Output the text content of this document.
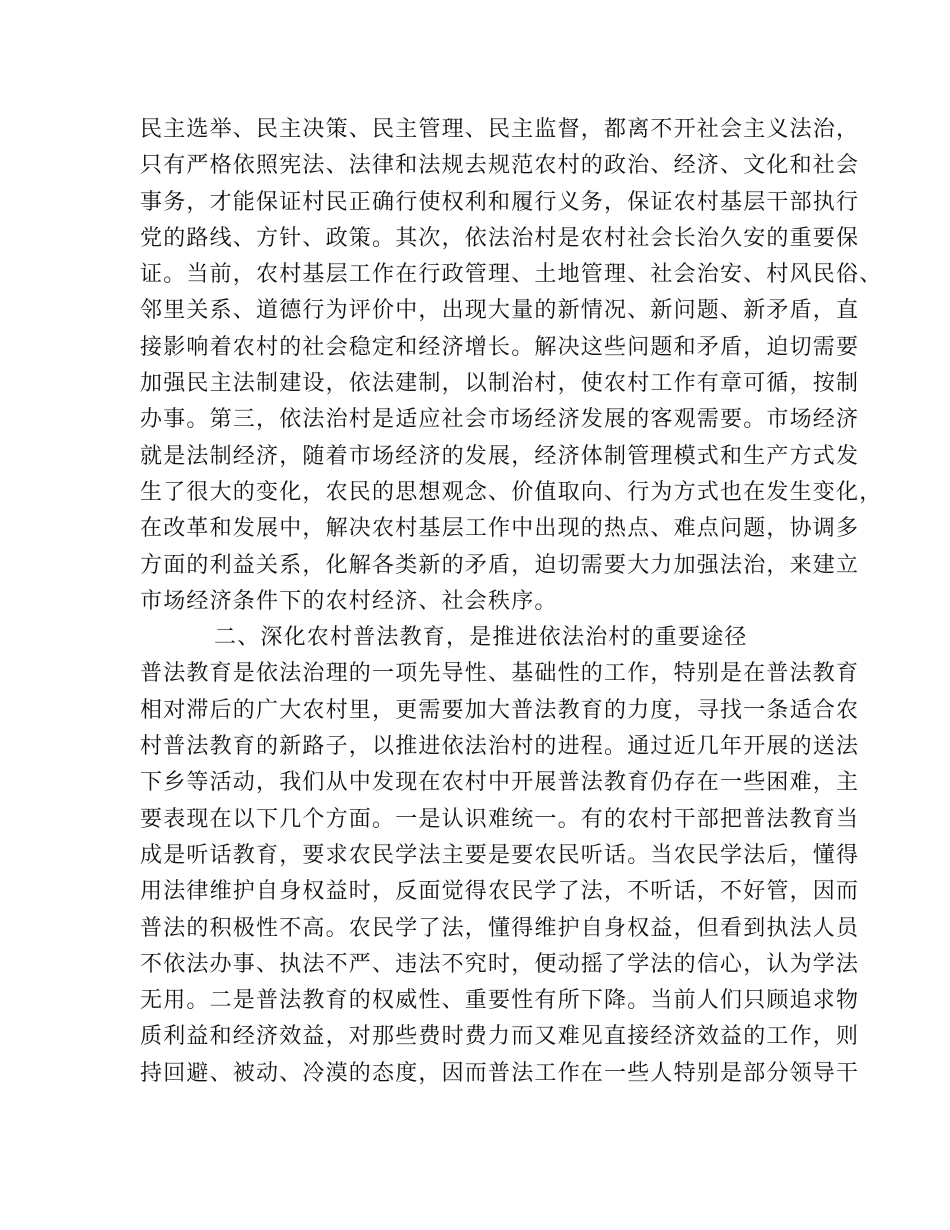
民主选举、民主决策、民主管理、民主监督，都离不开社会主义法治，
只有严格依照宪法、法律和法规去规范农村的政治、经济、文化和社会
事务，才能保证村民正确行使权利和履行义务，保证农村基层干部执行
党的路线、方针、政策。其次，依法治村是农村社会长治久安的重要保
证。当前，农村基层工作在行政管理、土地管理、社会治安、村风民俗、
邻里关系、道德行为评价中，出现大量的新情况、新问题、新矛盾，直
接影响着农村的社会稳定和经济增长。解决这些问题和矛盾，迫切需要
加强民主法制建设，依法建制，以制治村，使农村工作有章可循，按制
办事。第三，依法治村是适应社会市场经济发展的客观需要。市场经济
就是法制经济，随着市场经济的发展，经济体制管理模式和生产方式发
生了很大的变化，农民的思想观念、价值取向、行为方式也在发生变化，
在改革和发展中，解决农村基层工作中出现的热点、难点问题，协调多
方面的利益关系，化解各类新的矛盾，迫切需要大力加强法治，来建立
市场经济条件下的农村经济、社会秩序。
二、深化农村普法教育，是推进依法治村的重要途径
普法教育是依法治理的一项先导性、基础性的工作，特别是在普法教育
相对滞后的广大农村里，更需要加大普法教育的力度，寻找一条适合农
村普法教育的新路子，以推进依法治村的进程。通过近几年开展的送法
下乡等活动，我们从中发现在农村中开展普法教育仍存在一些困难，主
要表现在以下几个方面。一是认识难统一。有的农村干部把普法教育当
成是听话教育，要求农民学法主要是要农民听话。当农民学法后，懂得
用法律维护自身权益时，反面觉得农民学了法，不听话，不好管，因而
普法的积极性不高。农民学了法，懂得维护自身权益，但看到执法人员
不依法办事、执法不严、违法不究时，便动摇了学法的信心，认为学法
无用。二是普法教育的权威性、重要性有所下降。当前人们只顾追求物
质利益和经济效益，对那些费时费力而又难见直接经济效益的工作，则
持回避、被动、冷漠的态度，因而普法工作在一些人特别是部分领导干
